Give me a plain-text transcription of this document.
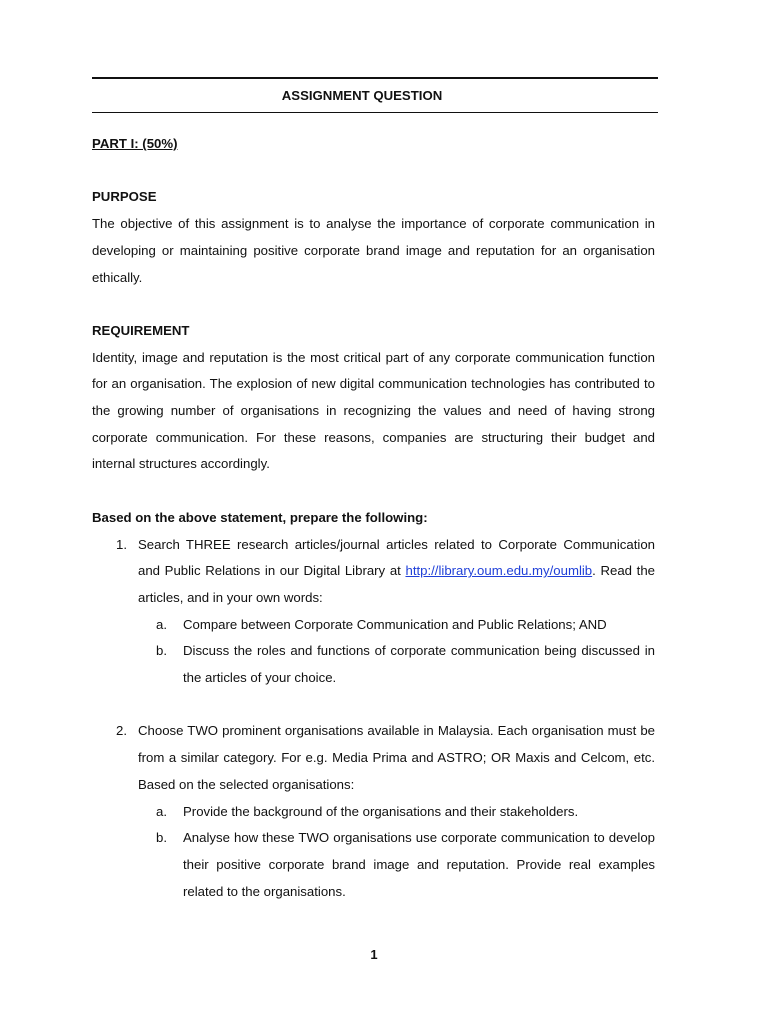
ASSIGNMENT QUESTION

PART I: (50%)

PURPOSE

The objective of this assignment is to analyse the importance of corporate communication in developing or maintaining positive corporate brand image and reputation for an organisation ethically.

REQUIREMENT

Identity, image and reputation is the most critical part of any corporate communication function for an organisation. The explosion of new digital communication technologies has contributed to the growing number of organisations in recognizing the values and need of having strong corporate communication. For these reasons, companies are structuring their budget and internal structures accordingly.

Based on the above statement, prepare the following:

1. Search THREE research articles/journal articles related to Corporate Communication and Public Relations in our Digital Library at http://library.oum.edu.my/oumlib. Read the articles, and in your own words:

a.	Compare between Corporate Communication and Public Relations; AND
b.	Discuss the roles and functions of corporate communication being discussed in the articles of your choice.
2. Choose TWO prominent organisations available in Malaysia. Each organisation must be from a similar category. For e.g. Media Prima and ASTRO; OR Maxis and Celcom, etc. Based on the selected organisations:

a.	Provide the background of the organisations and their stakeholders.
b.	Analyse how these TWO organisations use corporate communication to develop their positive corporate brand image and reputation. Provide real examples related to the organisations.
1
